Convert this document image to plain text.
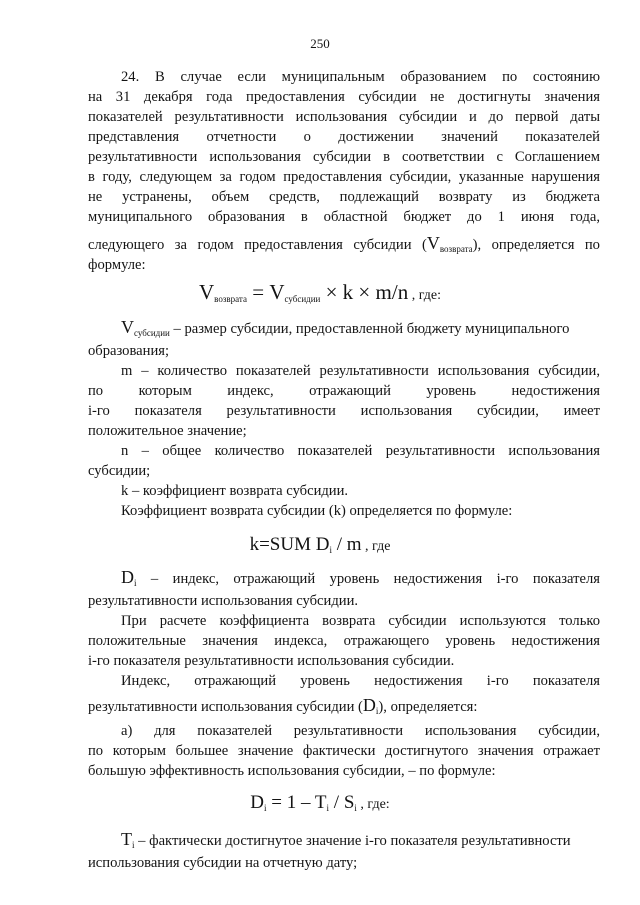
250
24. В случае если муниципальным образованием по состоянию
на 31 декабря года предоставления субсидии не достигнуты значения
показателей результативности использования субсидии и до первой даты
представления отчетности о достижении значений показателей
результативности использования субсидии в соответствии с Соглашением
в году, следующем за годом предоставления субсидии, указанные нарушения
не устранены, объем средств, подлежащий возврату из бюджета
муниципального образования в областной бюджет до 1 июня года,
следующего за годом предоставления субсидии $(V_{возврата})$, определяется по
формуле:
$V_{возврата} = V_{субсидии} \times k \times m/n$ , где:
$V_{субсидии}$ – размер субсидии, предоставленной бюджету муниципального
образования;
m – количество показателей результативности использования субсидии,
по которым индекс, отражающий уровень недостижения
i-го показателя результативности использования субсидии, имеет
положительное значение;
n – общее количество показателей результативности использования
субсидии;
k – коэффициент возврата субсидии.
Коэффициент возврата субсидии (k) определяется по формуле:
k=SUM $D_i$ / m , где
$D_i$ – индекс, отражающий уровень недостижения i-го показателя
результативности использования субсидии.
При расчете коэффициента возврата субсидии используются только
положительные значения индекса, отражающего уровень недостижения
i-го показателя результативности использования субсидии.
Индекс, отражающий уровень недостижения i-го показателя
результативности использования субсидии $(D_i)$, определяется:
а) для показателей результативности использования субсидии,
по которым большее значение фактически достигнутого значения отражает
большую эффективность использования субсидии, – по формуле:
$D_i = 1 - T_i / S_i$ , где:
$T_i$ – фактически достигнутое значение i-го показателя результативности
использования субсидии на отчетную дату;
